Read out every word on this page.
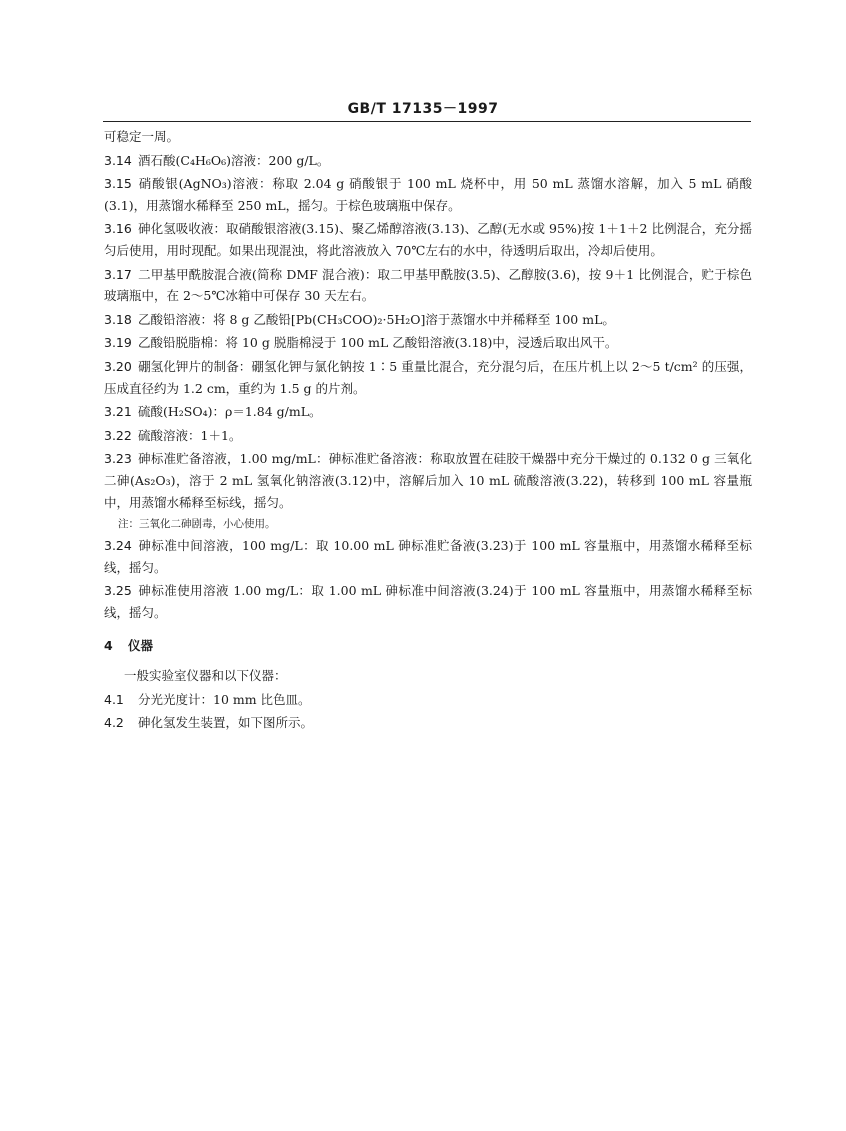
GB/T 17135－1997

可稳定一周。

3.14 酒石酸(C₄H₆O₆)溶液：200 g/L。

3.15 硝酸银(AgNO₃)溶液：称取 2.04 g 硝酸银于 100 mL 烧杯中，用 50 mL 蒸馏水溶解，加入 5 mL 硝酸(3.1)，用蒸馏水稀释至 250 mL，摇匀。于棕色玻璃瓶中保存。

3.16 砷化氢吸收液：取硝酸银溶液(3.15)、聚乙烯醇溶液(3.13)、乙醇(无水或 95%)按 1＋1＋2 比例混合，充分摇匀后使用，用时现配。如果出现混浊，将此溶液放入 70℃左右的水中，待透明后取出，冷却后使用。

3.17 二甲基甲酰胺混合液(简称 DMF 混合液)：取二甲基甲酰胺(3.5)、乙醇胺(3.6)，按 9＋1 比例混合，贮于棕色玻璃瓶中，在 2～5℃冰箱中可保存 30 天左右。

3.18 乙酸铅溶液：将 8 g 乙酸铅[Pb(CH₃COO)₂·5H₂O]溶于蒸馏水中并稀释至 100 mL。

3.19 乙酸铅脱脂棉：将 10 g 脱脂棉浸于 100 mL 乙酸铅溶液(3.18)中，浸透后取出风干。

3.20 硼氢化钾片的制备：硼氢化钾与氯化钠按 1∶5 重量比混合，充分混匀后，在压片机上以 2～5 t/cm² 的压强，压成直径约为 1.2 cm，重约为 1.5 g 的片剂。

3.21 硫酸(H₂SO₄)：ρ＝1.84 g/mL。

3.22 硫酸溶液：1＋1。

3.23 砷标准贮备溶液，1.00 mg/mL：砷标准贮备溶液：称取放置在硅胶干燥器中充分干燥过的 0.132 0 g 三氧化二砷(As₂O₃)，溶于 2 mL 氢氧化钠溶液(3.12)中，溶解后加入 10 mL 硫酸溶液(3.22)，转移到 100 mL 容量瓶中，用蒸馏水稀释至标线，摇匀。

注：三氧化二砷剧毒，小心使用。

3.24 砷标准中间溶液，100 mg/L：取 10.00 mL 砷标准贮备液(3.23)于 100 mL 容量瓶中，用蒸馏水稀释至标线，摇匀。

3.25 砷标准使用溶液 1.00 mg/L：取 1.00 mL 砷标准中间溶液(3.24)于 100 mL 容量瓶中，用蒸馏水稀释至标线，摇匀。

4 仪器

一般实验室仪器和以下仪器：

4.1 分光光度计：10 mm 比色皿。

4.2 砷化氢发生装置，如下图所示。
